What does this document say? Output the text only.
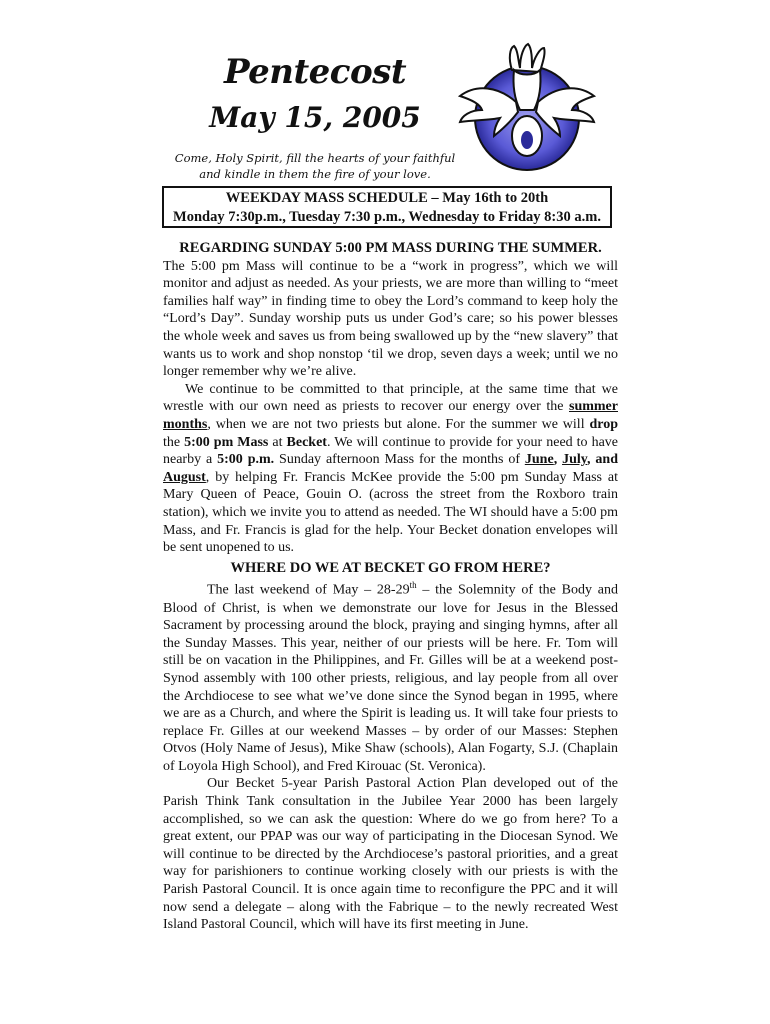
Pentecost
May 15, 2005
Come, Holy Spirit, fill the hearts of your faithful
and kindle in them the fire of your love.
WEEKDAY MASS SCHEDULE – May 16th to 20th
Monday 7:30p.m., Tuesday 7:30 p.m., Wednesday to Friday 8:30 a.m.
REGARDING SUNDAY 5:00 PM MASS DURING THE SUMMER.

The 5:00 pm Mass will continue to be a “work in progress”, which we will monitor and adjust as needed. As your priests, we are more than willing to “meet families half way” in finding time to obey the Lord’s command to keep holy the “Lord’s Day”. Sunday worship puts us under God’s care; so his power blesses the whole week and saves us from being swallowed up by the “new slavery” that wants us to work and shop nonstop ‘til we drop, seven days a week; until we no longer remember why we’re alive.

We continue to be committed to that principle, at the same time that we wrestle with our own need as priests to recover our energy over the summer months, when we are not two priests but alone. For the summer we will drop the 5:00 pm Mass at Becket. We will continue to provide for your need to have nearby a 5:00 p.m. Sunday afternoon Mass for the months of June, July, and August, by helping Fr. Francis McKee provide the 5:00 pm Sunday Mass at Mary Queen of Peace, Gouin O. (across the street from the Roxboro train station), which we invite you to attend as needed. The WI should have a 5:00 pm Mass, and Fr. Francis is glad for the help. Your Becket donation envelopes will be sent unopened to us.

WHERE DO WE AT BECKET GO FROM HERE?

The last weekend of May – 28-29th – the Solemnity of the Body and Blood of Christ, is when we demonstrate our love for Jesus in the Blessed Sacrament by processing around the block, praying and singing hymns, after all the Sunday Masses. This year, neither of our priests will be here. Fr. Tom will still be on vacation in the Philippines, and Fr. Gilles will be at a weekend post-Synod assembly with 100 other priests, religious, and lay people from all over the Archdiocese to see what we’ve done since the Synod began in 1995, where we are as a Church, and where the Spirit is leading us. It will take four priests to replace Fr. Gilles at our weekend Masses – by order of our Masses: Stephen Otvos (Holy Name of Jesus), Mike Shaw (schools), Alan Fogarty, S.J. (Chaplain of Loyola High School), and Fred Kirouac (St. Veronica).

Our Becket 5-year Parish Pastoral Action Plan developed out of the Parish Think Tank consultation in the Jubilee Year 2000 has been largely accomplished, so we can ask the question: Where do we go from here? To a great extent, our PPAP was our way of participating in the Diocesan Synod. We will continue to be directed by the Archdiocese’s pastoral priorities, and a great way for parishioners to continue working closely with our priests is with the Parish Pastoral Council. It is once again time to reconfigure the PPC and it will now send a delegate – along with the Fabrique – to the newly recreated West Island Pastoral Council, which will have its first meeting in June.
